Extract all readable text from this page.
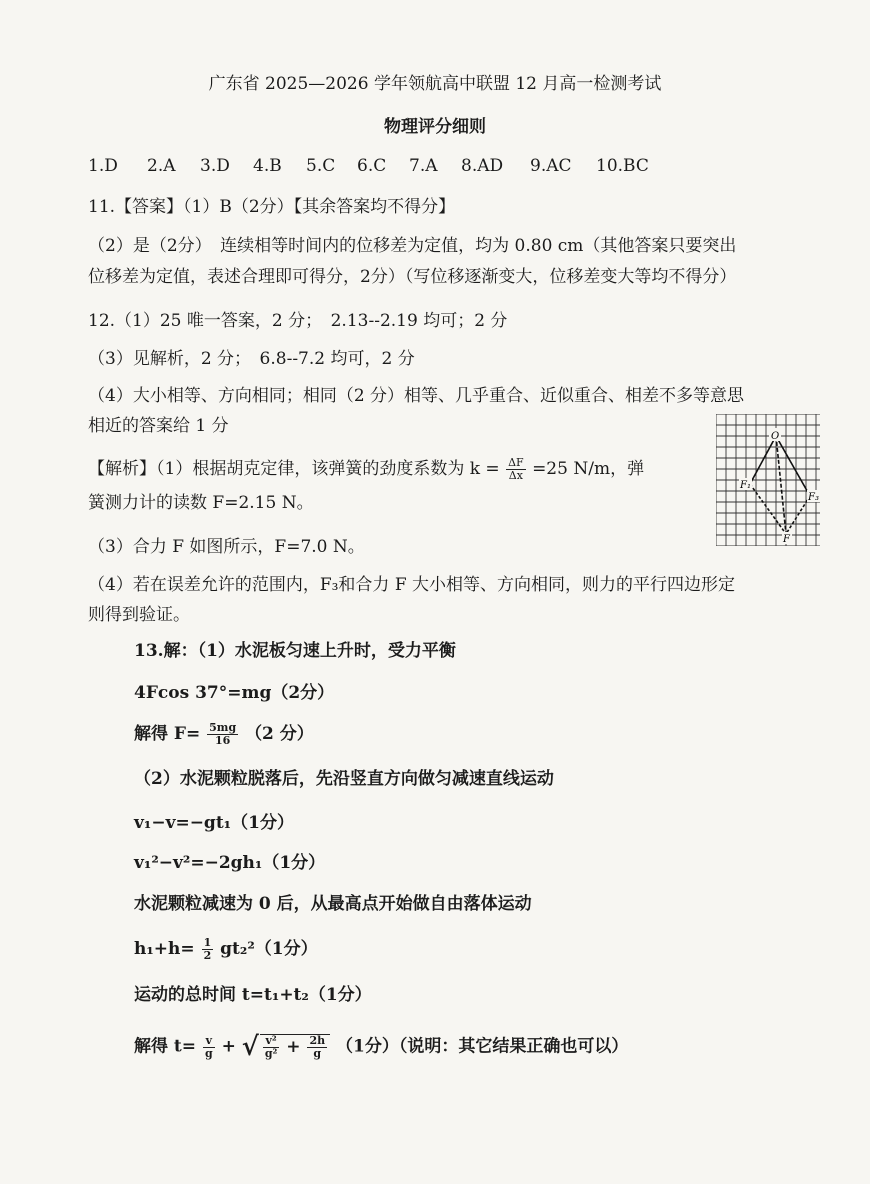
广东省 2025—2026 学年领航高中联盟 12 月高一检测考试
物理评分细则
1.D 2.A 3.D 4.B 5.C 6.C 7.A 8.AD 9.AC 10.BC
11.【答案】（1）B（2分）【其余答案均不得分】
（2）是（2分）　连续相等时间内的位移差为定值，均为 0.80 cm（其他答案只要突出
位移差为定值，表述合理即可得分，2分）（写位移逐渐变大，位移差变大等均不得分）
12.（1）25 唯一答案，2 分；　2.13--2.19 均可；2 分
（3）见解析，2 分；　6.8--7.2 均可，2 分
（4）大小相等、方向相同；相同（2 分）相等、几乎重合、近似重合、相差不多等意思
相近的答案给 1 分
【解析】（1）根据胡克定律，该弹簧的劲度系数为 $k = \frac{\Delta F}{\Delta x} =25$ N/m，弹
簧测力计的读数 F=2.15 N。
（3）合力 F 如图所示，F=7.0 N。
（4）若在误差允许的范围内，F₃和合力 F 大小相等、方向相同，则力的平行四边形定
则得到验证。
O
F₁
F₃
F
13.解：（1）水泥板匀速上升时，受力平衡
4Fcos 37°=mg（2分）
解得 $F= \frac{5mg}{16} (2$ 分）
（2）水泥颗粒脱落后，先沿竖直方向做匀减速直线运动
v₁−v=−gt₁（1分）
v₁²−v²=−2gh₁（1分）
水泥颗粒减速为 0 后，从最高点开始做自由落体运动
$h_1+h= \frac{1}{2} gt_2^2(1$分）
运动的总时间 t=t₁+t₂（1分）
解得 $t= \frac{v}{g}$ + √ $\frac{\text{v²}}{\text{g²}} + \frac{2h}{g} (1$分）（说明：其它结果正确也可以）
